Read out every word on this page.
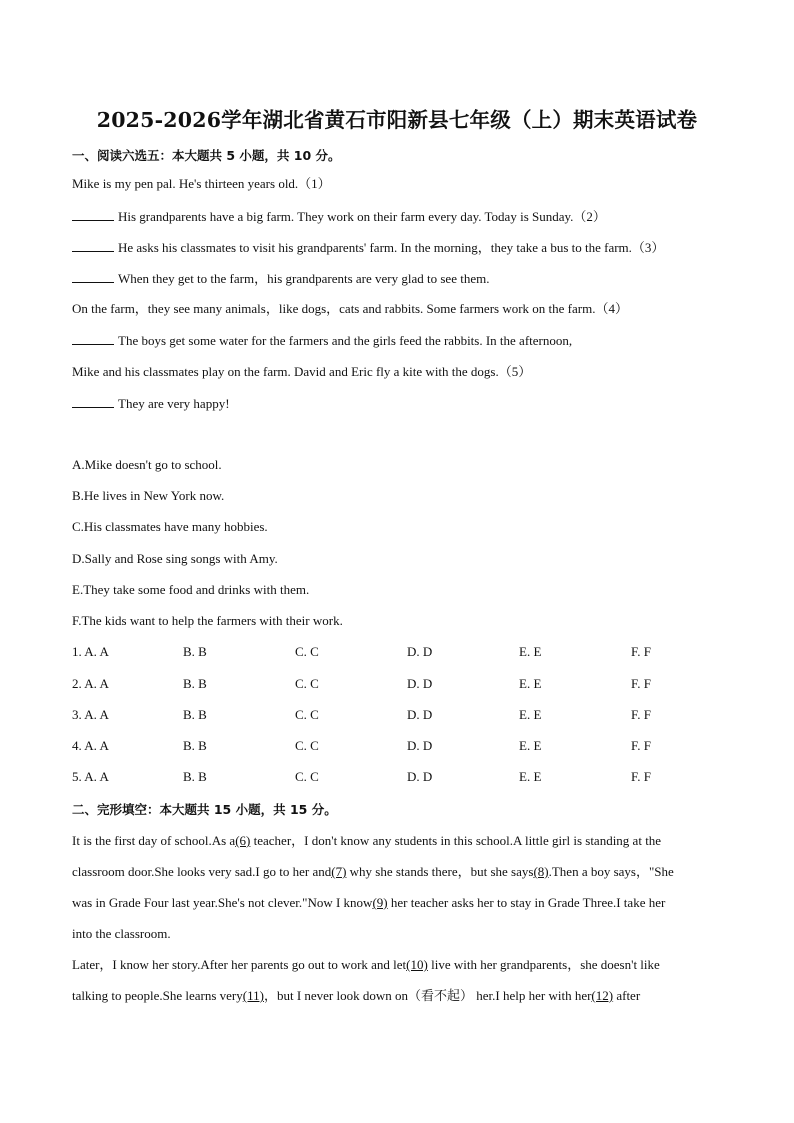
2025-2026学年湖北省黄石市阳新县七年级（上）期末英语试卷
一、阅读六选五：本大题共 5 小题，共 10 分。
Mike is my pen pal. He's thirteen years old.（1）
His grandparents have a big farm. They work on their farm every day. Today is Sunday.（2）
He asks his classmates to visit his grandparents' farm. In the morning，they take a bus to the farm.（3）
When they get to the farm，his grandparents are very glad to see them.
On the farm，they see many animals，like dogs，cats and rabbits. Some farmers work on the farm.（4）
The boys get some water for the farmers and the girls feed the rabbits. In the afternoon,
Mike and his classmates play on the farm. David and Eric fly a kite with the dogs.（5）
They are very happy!
A.Mike doesn't go to school.
B.He lives in New York now.
C.His classmates have many hobbies.
D.Sally and Rose sing songs with Amy.
E.They take some food and drinks with them.
F.The kids want to help the farmers with their work.
1. A. A	B. B	C. C	D. D	E. E	F. F
2. A. A	B. B	C. C	D. D	E. E	F. F
3. A. A	B. B	C. C	D. D	E. E	F. F
4. A. A	B. B	C. C	D. D	E. E	F. F
5. A. A	B. B	C. C	D. D	E. E	F. F
二、完形填空：本大题共 15 小题，共 15 分。
It is the first day of school.As a(6) teacher，I don't know any students in this school.A little girl is standing at the
classroom door.She looks very sad.I go to her and(7) why she stands there，but she says(8).Then a boy says，"She
was in Grade Four last year.She's not clever."Now I know(9) her teacher asks her to stay in Grade Three.I take her
into the classroom.
Later，I know her story.After her parents go out to work and let(10) live with her grandparents，she doesn't like
talking to people.She learns very(11)，but I never look down on（看不起） her.I help her with her(12) after
